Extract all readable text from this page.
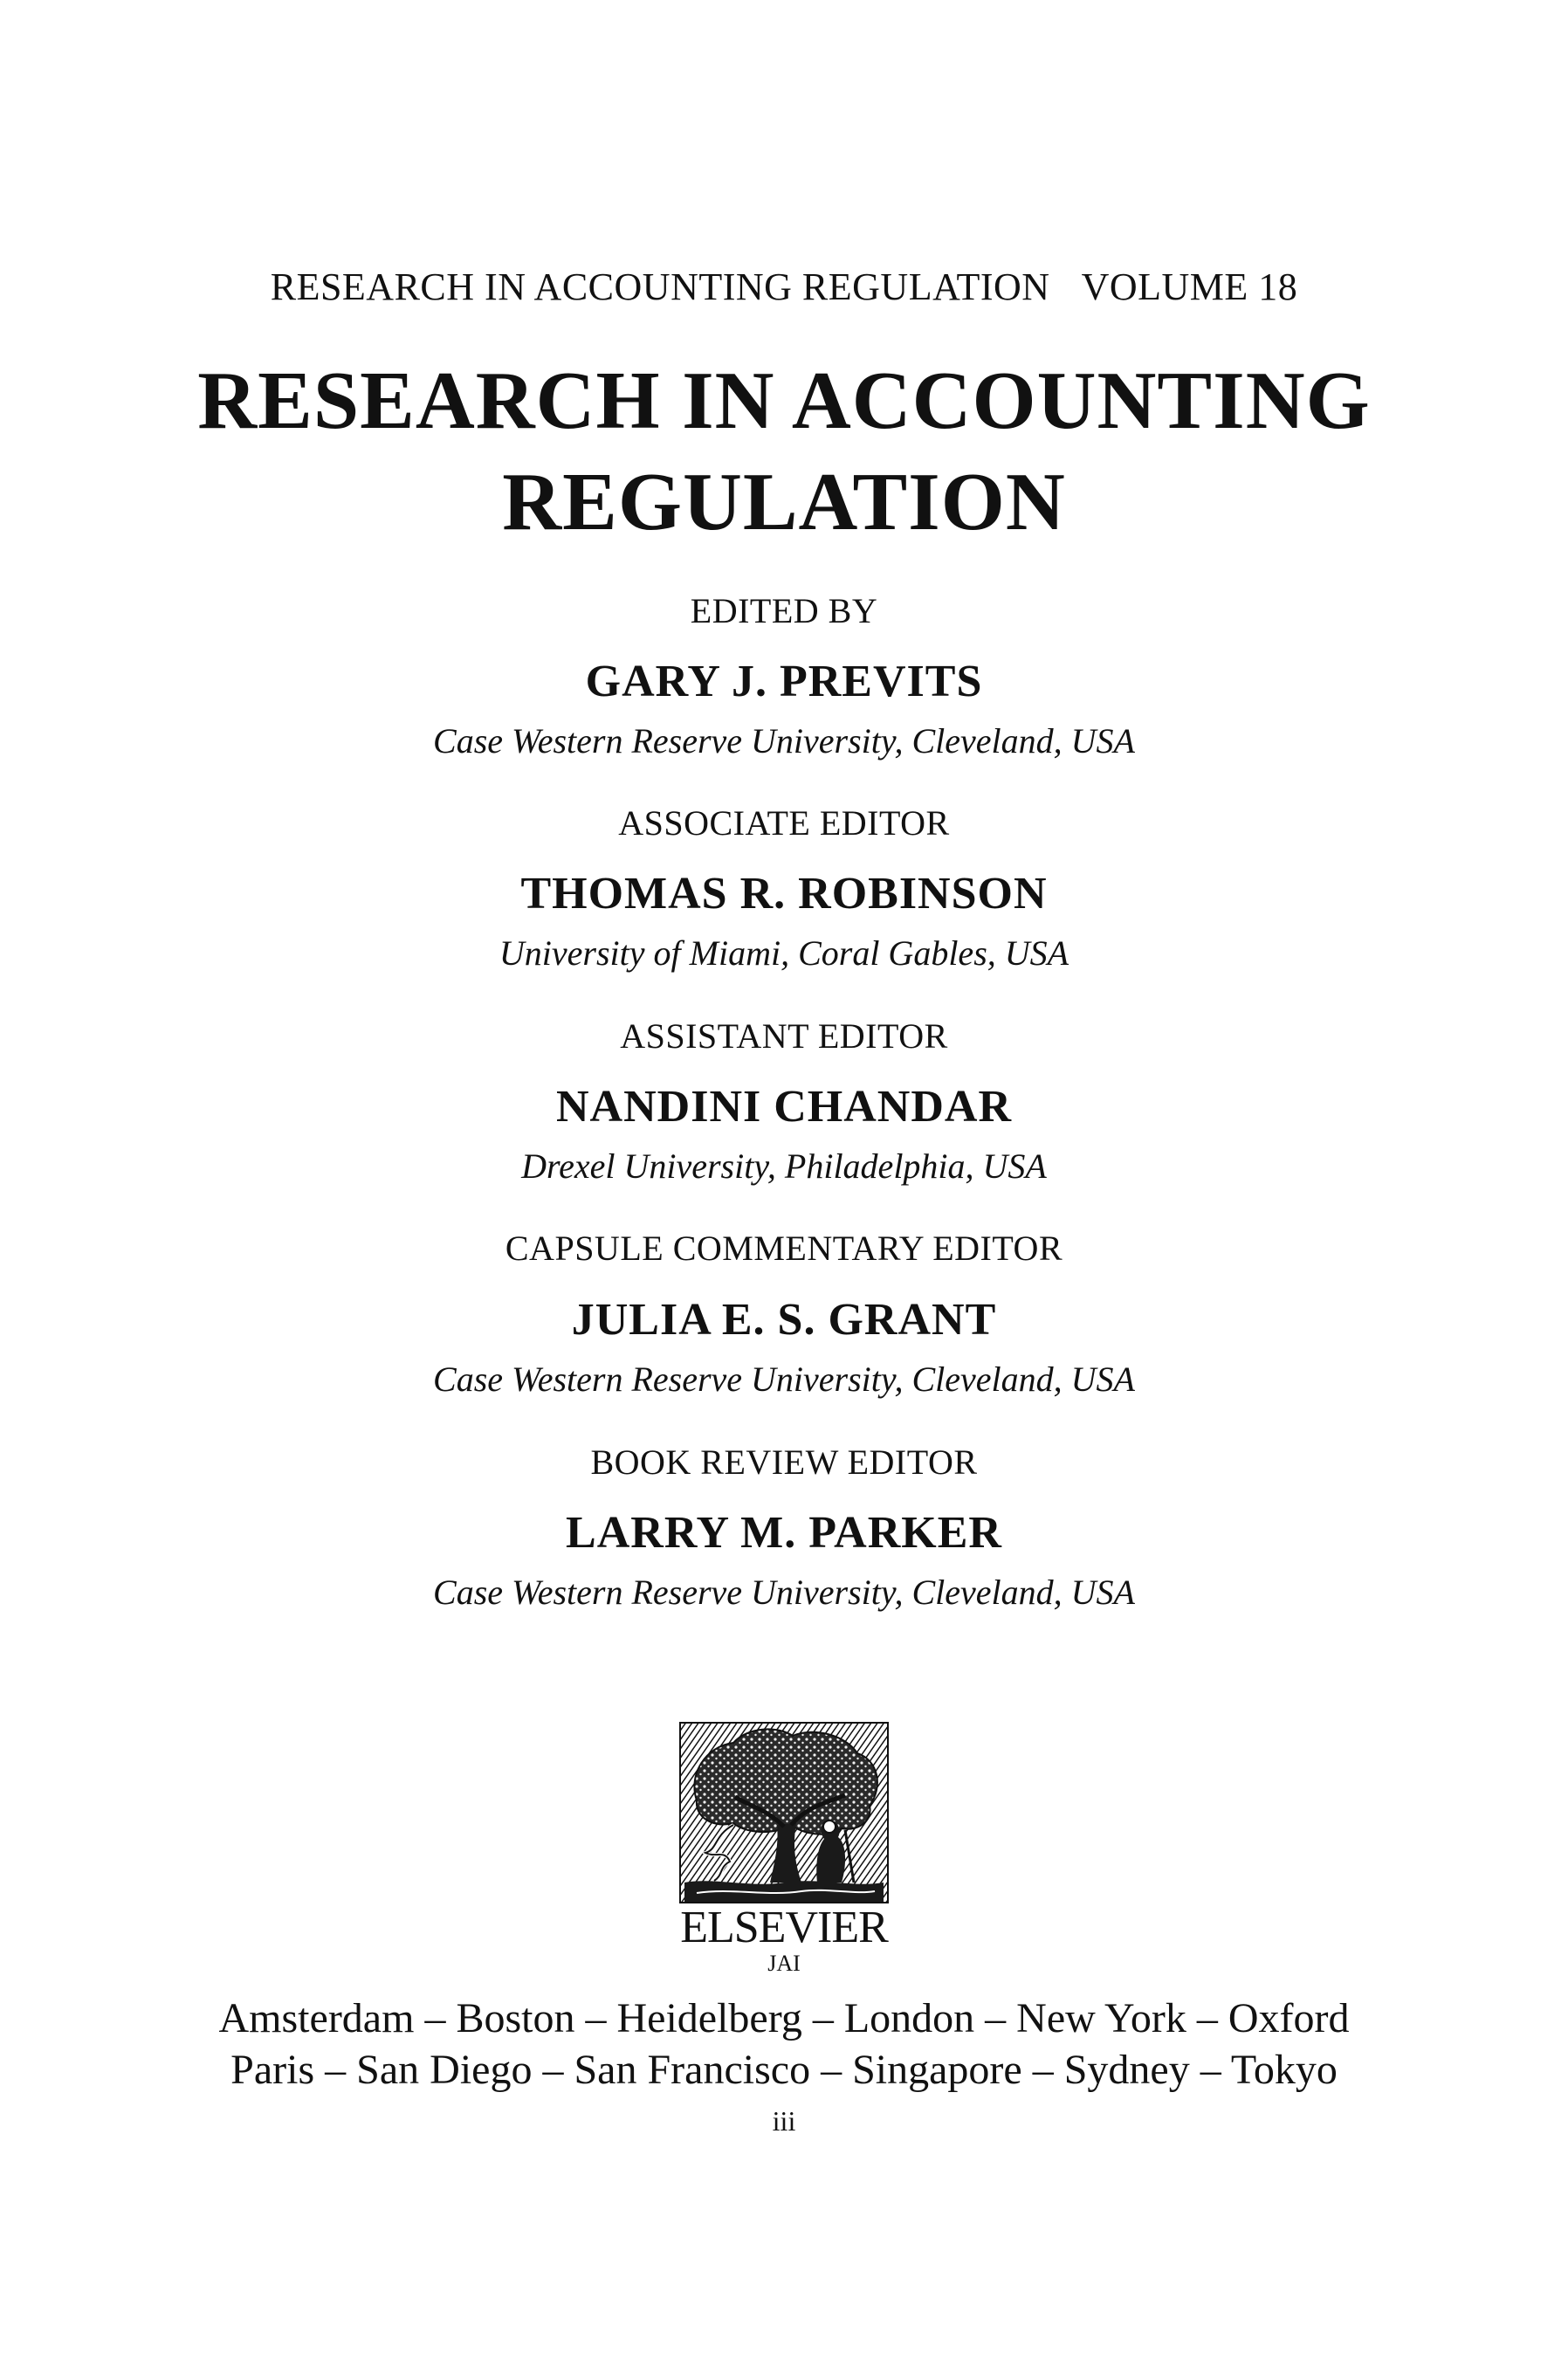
RESEARCH IN ACCOUNTING REGULATION VOLUME 18
RESEARCH IN ACCOUNTING
REGULATION
EDITED BY
GARY J. PREVITS
Case Western Reserve University, Cleveland, USA
ASSOCIATE EDITOR
THOMAS R. ROBINSON
University of Miami, Coral Gables, USA
ASSISTANT EDITOR
NANDINI CHANDAR
Drexel University, Philadelphia, USA
CAPSULE COMMENTARY EDITOR
JULIA E. S. GRANT
Case Western Reserve University, Cleveland, USA
BOOK REVIEW EDITOR
LARRY M. PARKER
Case Western Reserve University, Cleveland, USA
ELSEVIER
JAI
Amsterdam – Boston – Heidelberg – London – New York – Oxford
Paris – San Diego – San Francisco – Singapore – Sydney – Tokyo
iii
